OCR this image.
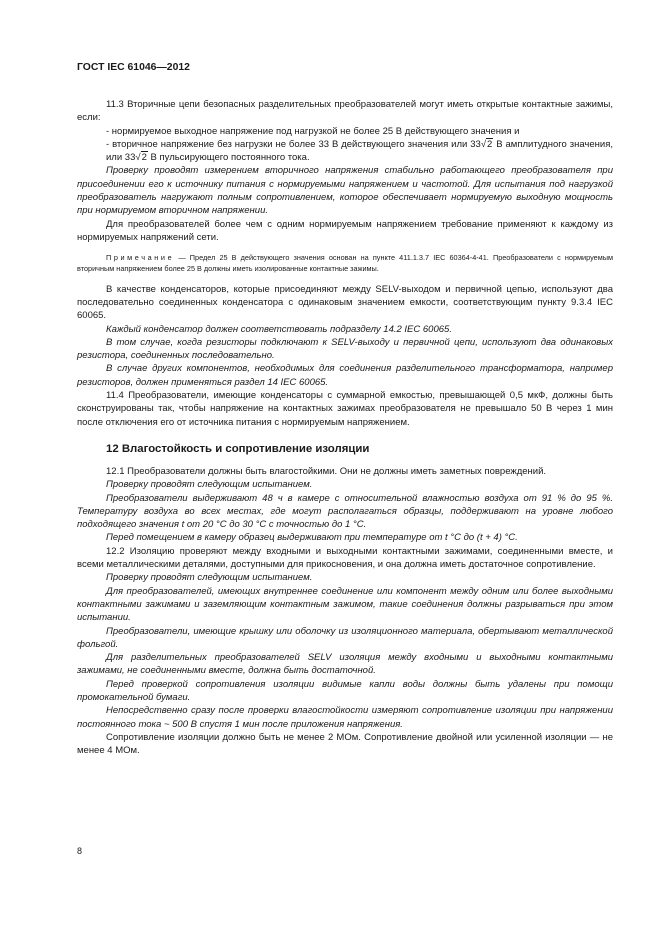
ГОСТ IEC 61046—2012

11.3 Вторичные цепи безопасных разделительных преобразователей могут иметь открытые контактные зажимы, если:

- нормируемое выходное напряжение под нагрузкой не более 25 В действующего значения и

- вторичное напряжение без нагрузки не более 33 В действующего значения или 33√2 В амплитудного значения, или 33√2 В пульсирующего постоянного тока.

Проверку проводят измерением вторичного напряжения стабильно работающего преобразователя при присоединении его к источнику питания с нормируемыми напряжением и частотой. Для испытания под нагрузкой преобразователь нагружают полным сопротивлением, которое обеспечивает нормируемую выходную мощность при нормируемом вторичном напряжении.

Для преобразователей более чем с одним нормируемым напряжением требование применяют к каждому из нормируемых напряжений сети.

Примечание — Предел 25 В действующего значения основан на пункте 411.1.3.7 IEC 60364-4-41. Преобразователи с нормируемым вторичным напряжением более 25 В должны иметь изолированные контактные зажимы.

В качестве конденсаторов, которые присоединяют между SELV-выходом и первичной цепью, используют два последовательно соединенных конденсатора с одинаковым значением емкости, соответствующим пункту 9.3.4 IEC 60065.

Каждый конденсатор должен соответствовать подразделу 14.2 IEC 60065.

В том случае, когда резисторы подключают к SELV-выходу и первичной цепи, используют два одинаковых резистора, соединенных последовательно.

В случае других компонентов, необходимых для соединения разделительного трансформатора, например резисторов, должен применяться раздел 14 IEC 60065.

11.4 Преобразователи, имеющие конденсаторы с суммарной емкостью, превышающей 0,5 мкФ, должны быть сконструированы так, чтобы напряжение на контактных зажимах преобразователя не превышало 50 В через 1 мин после отключения его от источника питания с нормируемым напряжением.

12 Влагостойкость и сопротивление изоляции

12.1 Преобразователи должны быть влагостойкими. Они не должны иметь заметных повреждений.

Проверку проводят следующим испытанием.

Преобразователи выдерживают 48 ч в камере с относительной влажностью воздуха от 91 % до 95 %. Температуру воздуха во всех местах, где могут располагаться образцы, поддерживают на уровне любого подходящего значения t от 20 °С до 30 °С с точностью до 1 °С.

Перед помещением в камеру образец выдерживают при температуре от t °С до (t + 4) °С.

12.2 Изоляцию проверяют между входными и выходными контактными зажимами, соединенными вместе, и всеми металлическими деталями, доступными для прикосновения, и она должна иметь достаточное сопротивление.

Проверку проводят следующим испытанием.

Для преобразователей, имеющих внутреннее соединение или компонент между одним или более выходными контактными зажимами и заземляющим контактным зажимом, такие соединения должны разрываться при этом испытании.

Преобразователи, имеющие крышку или оболочку из изоляционного материала, обертывают металлической фольгой.

Для разделительных преобразователей SELV изоляция между входными и выходными контактными зажимами, не соединенными вместе, должна быть достаточной.

Перед проверкой сопротивления изоляции видимые капли воды должны быть удалены при помощи промокательной бумаги.

Непосредственно сразу после проверки влагостойкости измеряют сопротивление изоляции при напряжении постоянного тока ~ 500 В спустя 1 мин после приложения напряжения.

Сопротивление изоляции должно быть не менее 2 МОм. Сопротивление двойной или усиленной изоляции — не менее 4 МОм.

8
